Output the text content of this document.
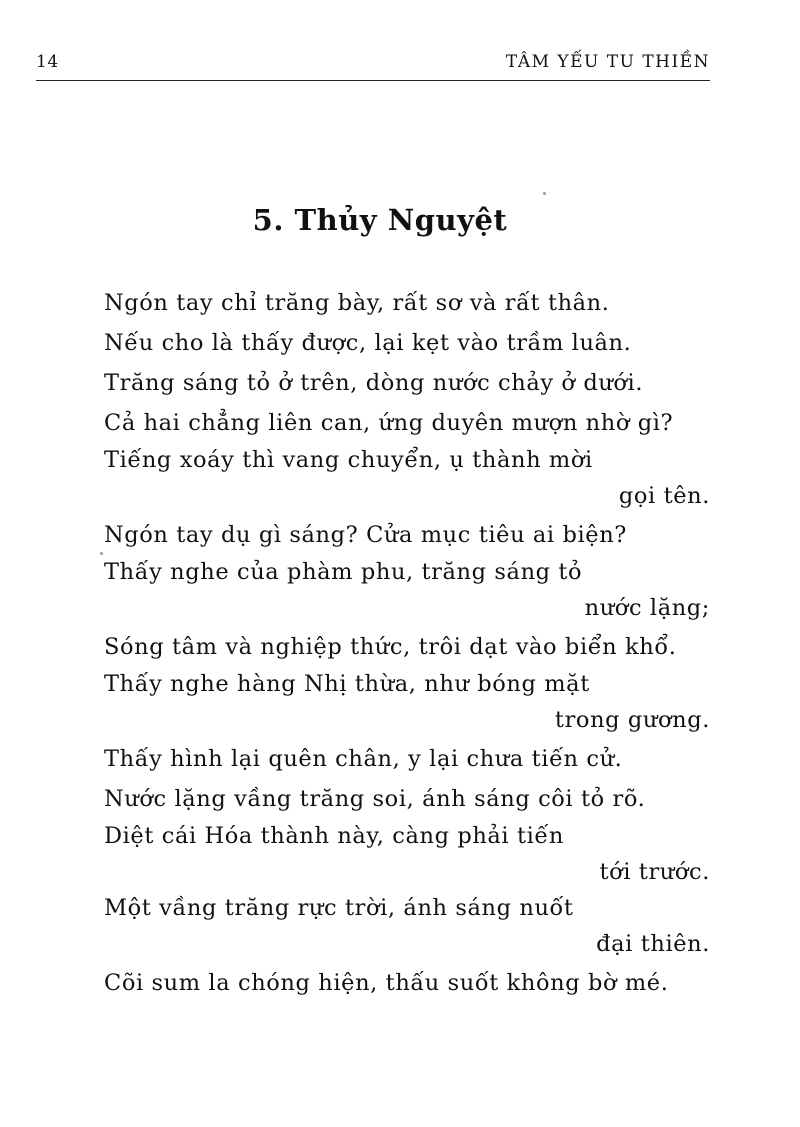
14	TÂM YẾU TU THIỀN
5. Thủy Nguyệt
Ngón tay chỉ trăng bày, rất sơ và rất thân.
Nếu cho là thấy được, lại kẹt vào trầm luân.
Trăng sáng tỏ ở trên, dòng nước chảy ở dưới.
Cả hai chẳng liên can, ứng duyên mượn nhờ gì?
Tiếng xoáy thì vang chuyển, ụ thành mời
gọi tên.
Ngón tay dụ gì sáng? Cửa mục tiêu ai biện?
Thấy nghe của phàm phu, trăng sáng tỏ
nước lặng;
Sóng tâm và nghiệp thức, trôi dạt vào biển khổ.
Thấy nghe hàng Nhị thừa, như bóng mặt
trong gương.
Thấy hình lại quên chân, y lại chưa tiến cử.
Nước lặng vầng trăng soi, ánh sáng côi tỏ rõ.
Diệt cái Hóa thành này, càng phải tiến
tới trước.
Một vầng trăng rực trời, ánh sáng nuốt
đại thiên.
Cõi sum la chóng hiện, thấu suốt không bờ mé.
